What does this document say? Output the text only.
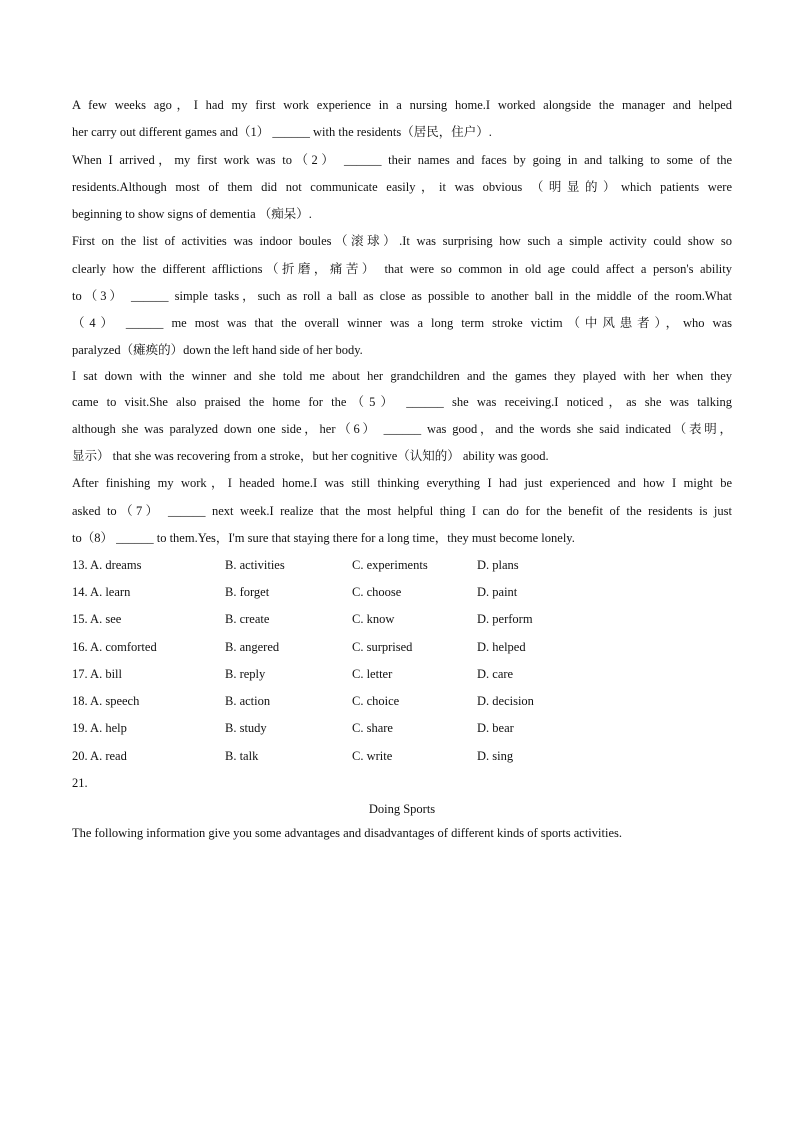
A few weeks ago，I had my first work experience in a nursing home.I worked alongside the manager and helped
her carry out different games and（1） ______ with the residents（居民，住户）.
When I arrived，my first work was to（2） ______ their names and faces by going in and talking to some of the
residents.Although most of them did not communicate easily，it was obvious （明显的）which patients were
beginning to show signs of dementia （痴呆）.
First on the list of activities was indoor boules（滚球）.It was surprising how such a simple activity could show so
clearly how the different afflictions（折磨，痛苦） that were so common in old age could affect a person's ability
to（3） ______ simple tasks，such as roll a ball as close as possible to another ball in the middle of the room.What
（4） ______ me most was that the overall winner was a long term stroke victim（中风患者），who was
paralyzed（瘫痪的）down the left hand side of her body.
I sat down with the winner and she told me about her grandchildren and the games they played with her when they
came to visit.She also praised the home for the（5） ______ she was receiving.I noticed，as she was talking
although she was paralyzed down one side，her（6） ______ was good，and the words she said indicated（表明，
显示） that she was recovering from a stroke，but her cognitive（认知的） ability was good.
After finishing my work，I headed home.I was still thinking everything I had just experienced and how I might be
asked to（7） ______ next week.I realize that the most helpful thing I can do for the benefit of the residents is just
to（8） ______ to them.Yes，I'm sure that staying there for a long time，they must become lonely.
13. A. dreams	B. activities	C. experiments	D. plans
14. A. learn	B. forget	C. choose	D. paint
15. A. see	B. create	C. know	D. perform
16. A. comforted	B. angered	C. surprised	D. helped
17. A. bill	B. reply	C. letter	D. care
18. A. speech	B. action	C. choice	D. decision
19. A. help	B. study	C. share	D. bear
20. A. read	B. talk	C. write	D. sing
21.
Doing Sports
The following information give you some advantages and disadvantages of different kinds of sports activities.
